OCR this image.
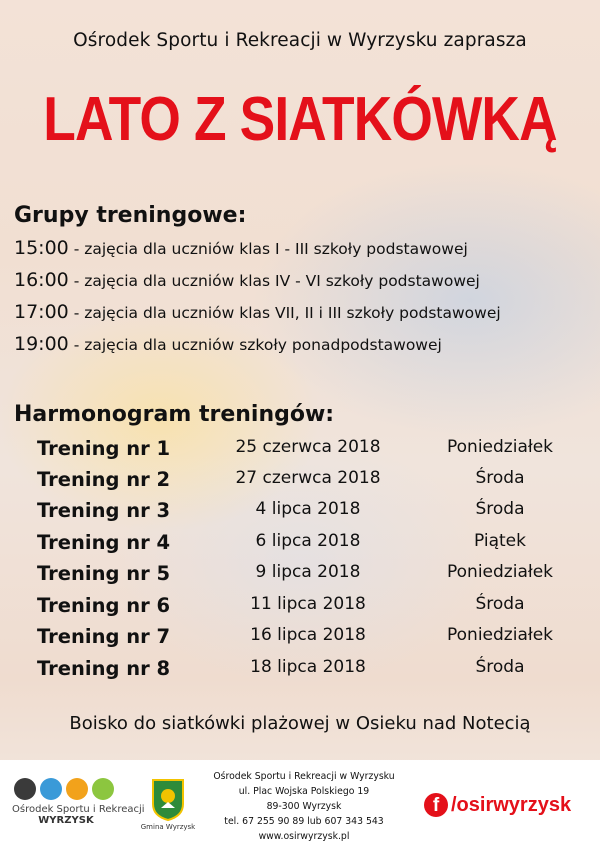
Ośrodek Sportu i Rekreacji w Wyrzysku zaprasza
LATO Z SIATKÓWKĄ
Grupy treningowe:
15:00 - zajęcia dla uczniów klas I - III szkoły podstawowej
16:00 - zajęcia dla uczniów klas IV - VI szkoły podstawowej
17:00 - zajęcia dla uczniów klas VII, II i III szkoły podstawowej
19:00 - zajęcia dla uczniów szkoły ponadpodstawowej
Harmonogram treningów:
Trening nr 1	25 czerwca 2018	Poniedziałek
Trening nr 2	27 czerwca 2018	Środa
Trening nr 3	4 lipca 2018	Środa
Trening nr 4	6 lipca 2018	Piątek
Trening nr 5	9 lipca 2018	Poniedziałek
Trening nr 6	11 lipca 2018	Środa
Trening nr 7	16 lipca 2018	Poniedziałek
Trening nr 8	18 lipca 2018	Środa
Boisko do siatkówki plażowej w Osieku nad Notecią
Ośrodek Sportu i Rekreacji
WYRZYSK
Gmina Wyrzysk
Ośrodek Sportu i Rekreacji w Wyrzysku
ul. Plac Wojska Polskiego 19
89-300 Wyrzysk
tel. 67 255 90 89 lub 607 343 543
www.osirwyrzysk.pl
f /osirwyrzysk
